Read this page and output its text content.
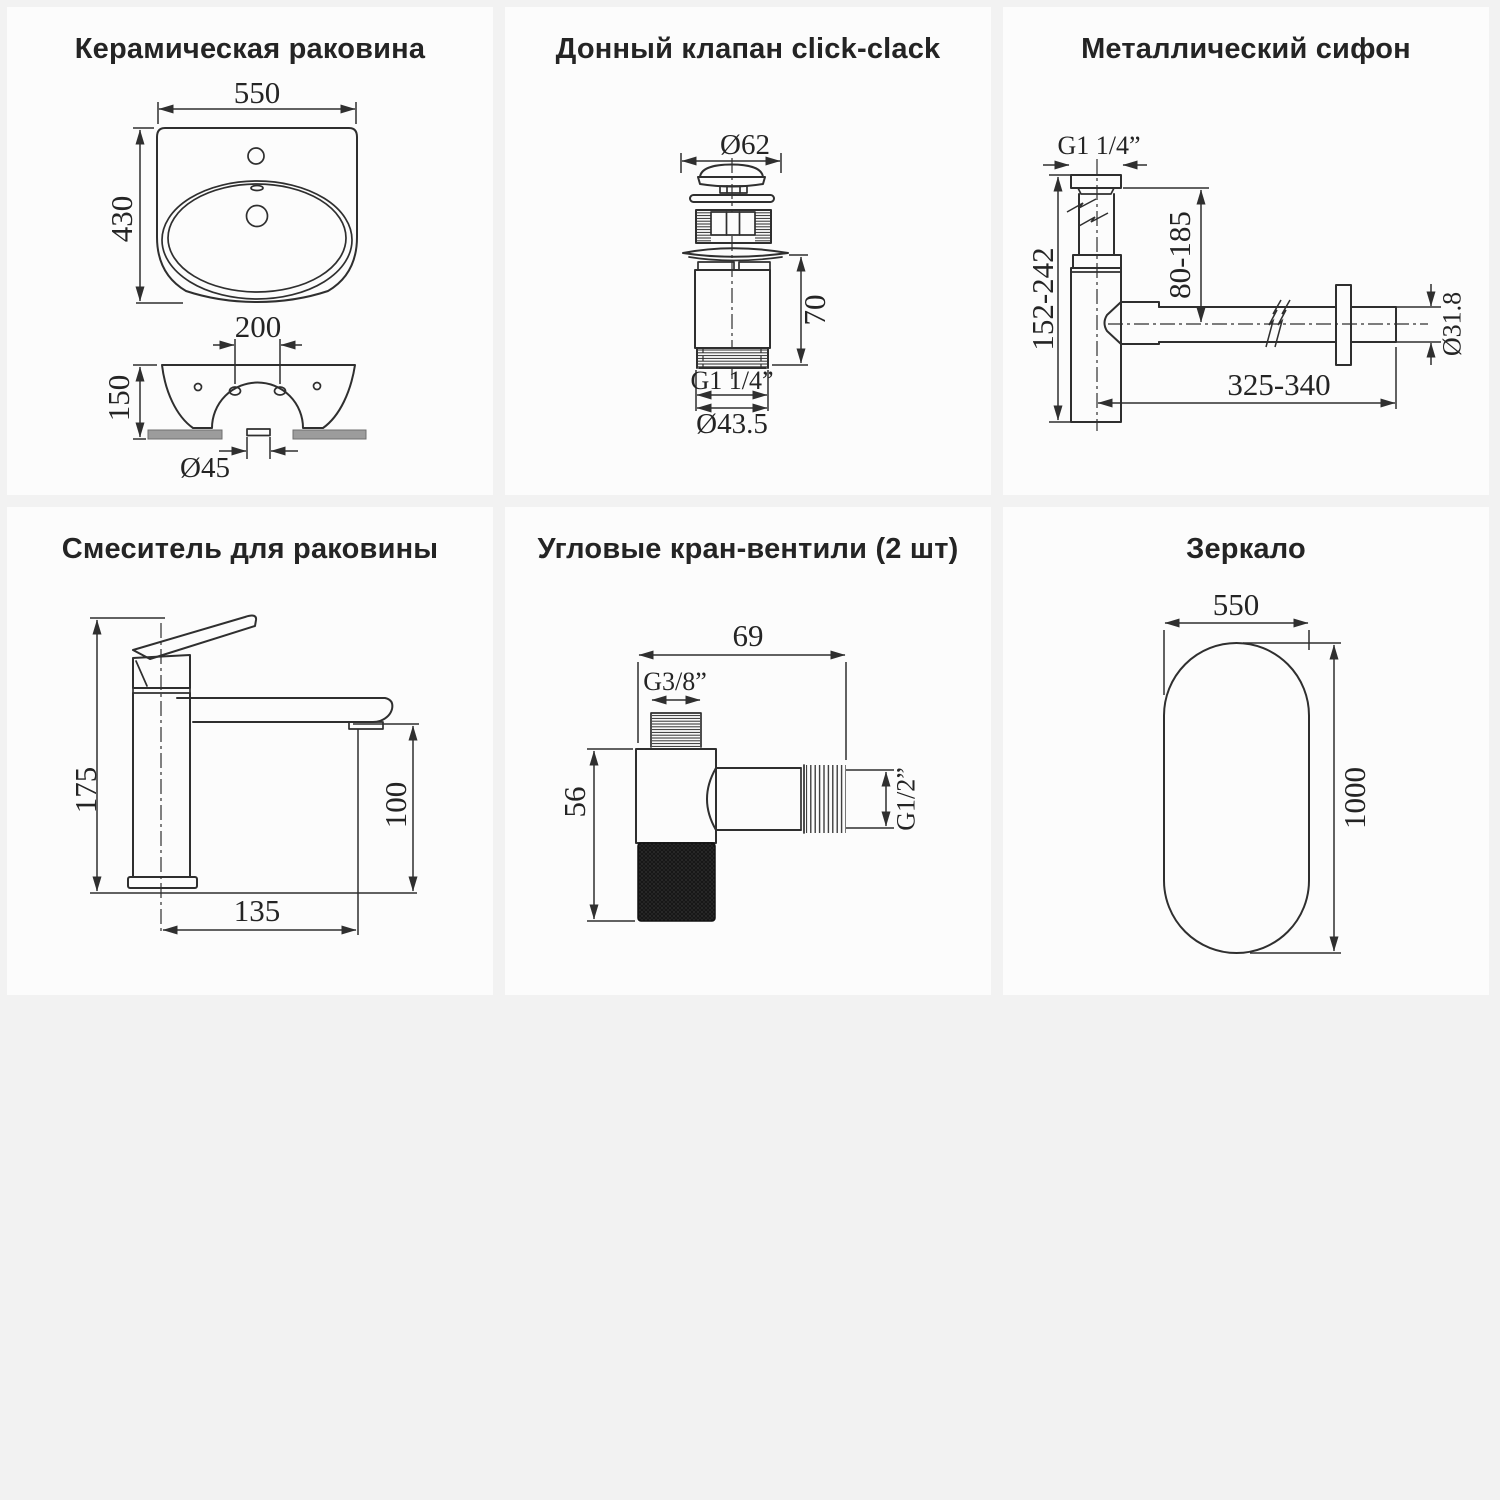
Керамическая раковина
550
430
200
150
Ø45
Донный клапан click-clack
Ø62
70
G1 1/4”
Ø43.5
Металлический сифон
G1 1/4”
152-242	80-185
Ø31.8
325-340
Смеситель для раковины
175	100
135
Угловые кран-вентили (2 шт)
69
G3/8”
G1/2”
56
Зеркало
550
1000
